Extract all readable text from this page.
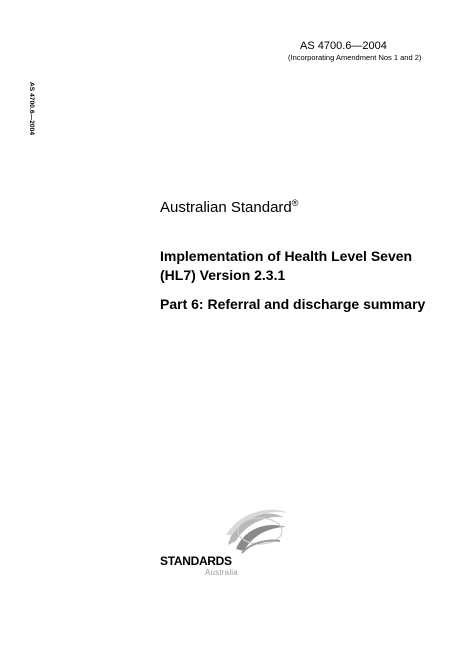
AS 4700.6—2004
(Incorporating Amendment Nos 1 and 2)
AS 4700.6—2004
Australian Standard®
Implementation of Health Level Seven
(HL7) Version 2.3.1
Part 6: Referral and discharge summary
STANDARDS
Australia
